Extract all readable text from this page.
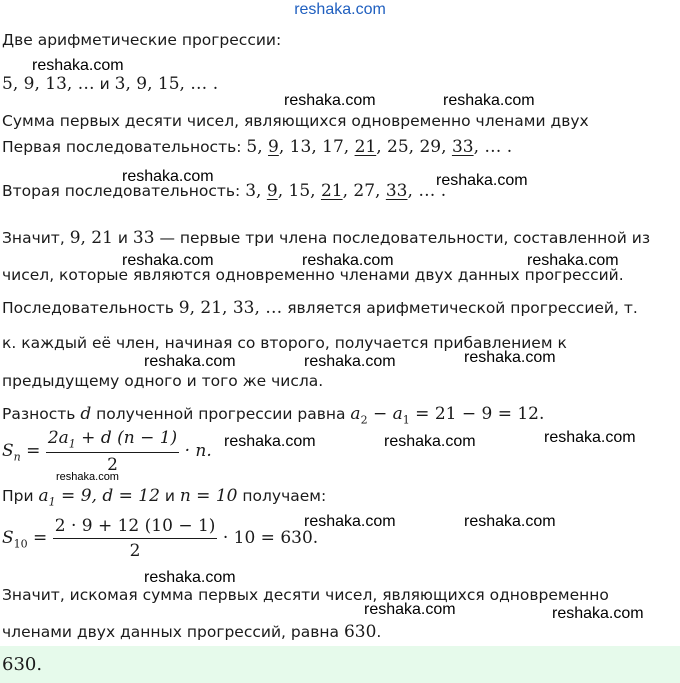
reshaka.com
Две арифметические прогрессии:
5, 9, 13, … и 3, 9, 15, … .
Сумма первых десяти чисел, являющихся одновременно членами двух
Первая последовательность: 5, 9, 13, 17, 21, 25, 29, 33, … .
Вторая последовательность: 3, 9, 15, 21, 27, 33, … .
Значит, 9, 21 и 33 — первые три члена последовательности, составленной из
чисел, которые являются одновременно членами двух данных прогрессий.
Последовательность 9, 21, 33, … является арифметической прогрессией, т.
к. каждый её член, начиная со второго, получается прибавлением к
предыдущему одного и того же числа.
Разность d полученной прогрессии равна $a_2 - a_1 = 21 - 9 = 12$.
$S_n = \frac{2a_1 + d (n - 1)}{2} \cdot n$.
При $a_1 = 9$, d = 12 и n = 10 получаем:
$S_{10} = \frac{2 \cdot 9 + 12 (10 - 1)}{2} \cdot 10 = 630$.
Значит, искомая сумма первых десяти чисел, являющихся одновременно
членами двух данных прогрессий, равна 630.
630.
reshaka.com
reshaka.com	reshaka.com
reshaka.com	reshaka.com
reshaka.com	reshaka.com	reshaka.com
reshaka.com	reshaka.com	reshaka.com
reshaka.com	reshaka.com	reshaka.com
reshaka.com
reshaka.com	reshaka.com
reshaka.com
reshaka.com	reshaka.com
